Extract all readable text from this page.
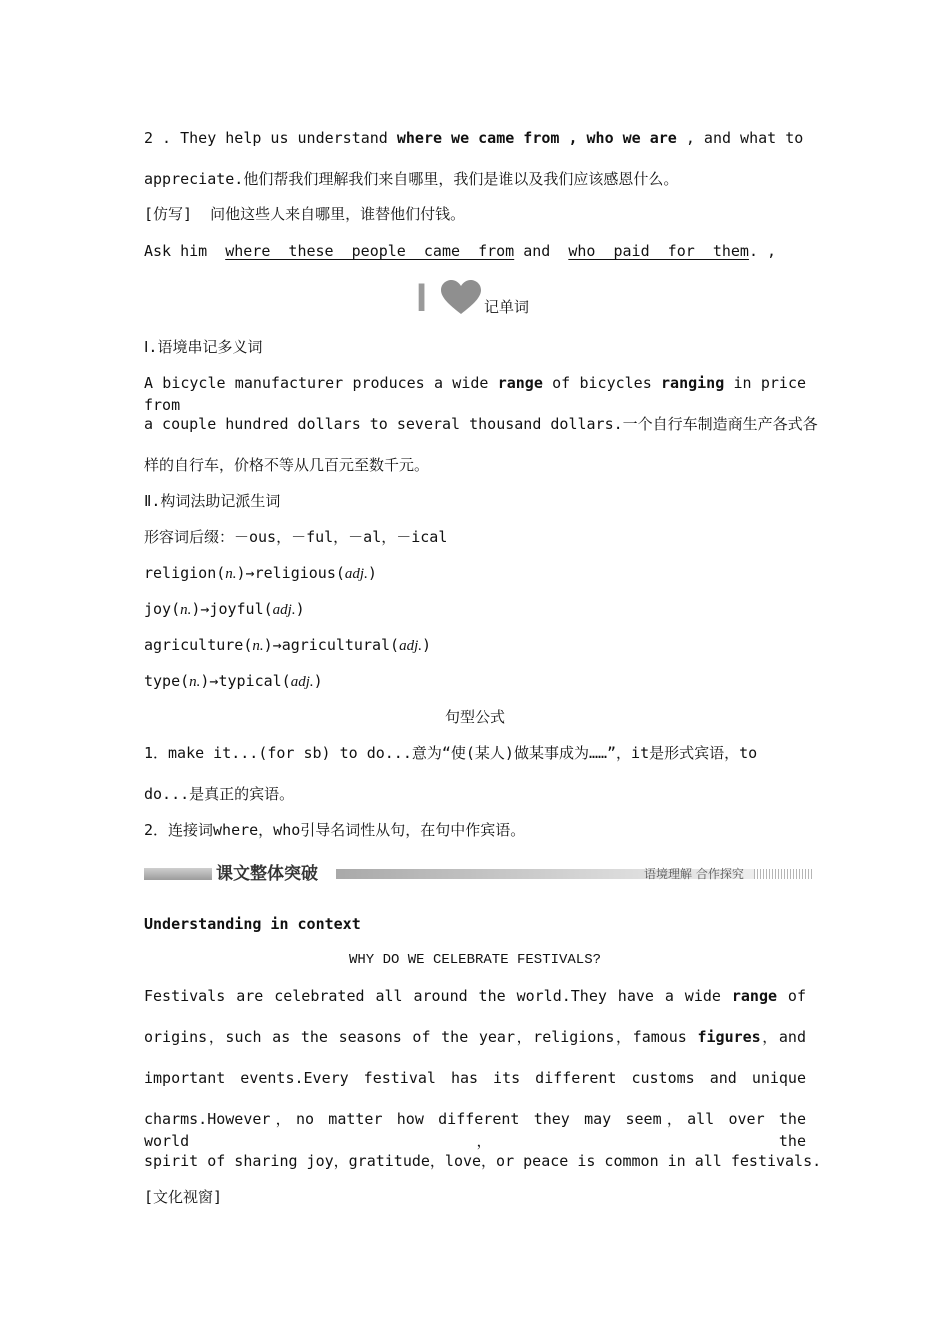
2 . They help us understand where we came from , who we are , and what to
appreciate.他们帮我们理解我们来自哪里，我们是谁以及我们应该感恩什么。
[仿写] 问他这些人来自哪里，谁替他们付钱。
Ask him where  these  people  came  from and who  paid  for  them. ,
I	记单词
Ⅰ.语境串记多义词
A bicycle manufacturer produces a wide range of bicycles ranging in price from
a couple hundred dollars to several thousand dollars.一个自行车制造商生产各式各
样的自行车，价格不等从几百元至数千元。
Ⅱ.构词法助记派生词
形容词后缀：－ous，－ful，－al，－ical
religion(n.)→religious(adj.)
joy(n.)→joyful(adj.)
agriculture(n.)→agricultural(adj.)
type(n.)→typical(adj.)
句型公式
1．make it...(for sb) to do...意为“使(某人)做某事成为……”，it是形式宾语，to
do...是真正的宾语。
2．连接词where，who引导名词性从句，在句中作宾语。
课文整体突破	语境理解 合作探究
Understanding in context
WHY DO WE CELEBRATE FESTIVALS?
Festivals are celebrated all around the world.They have a wide range of
origins，such as the seasons of the year，religions，famous figures，and
important events.Every festival has its different customs and unique
charms.However，no matter how different they may seem，all over the world，the
spirit of sharing joy，gratitude，love，or peace is common in all festivals.
[文化视窗]
